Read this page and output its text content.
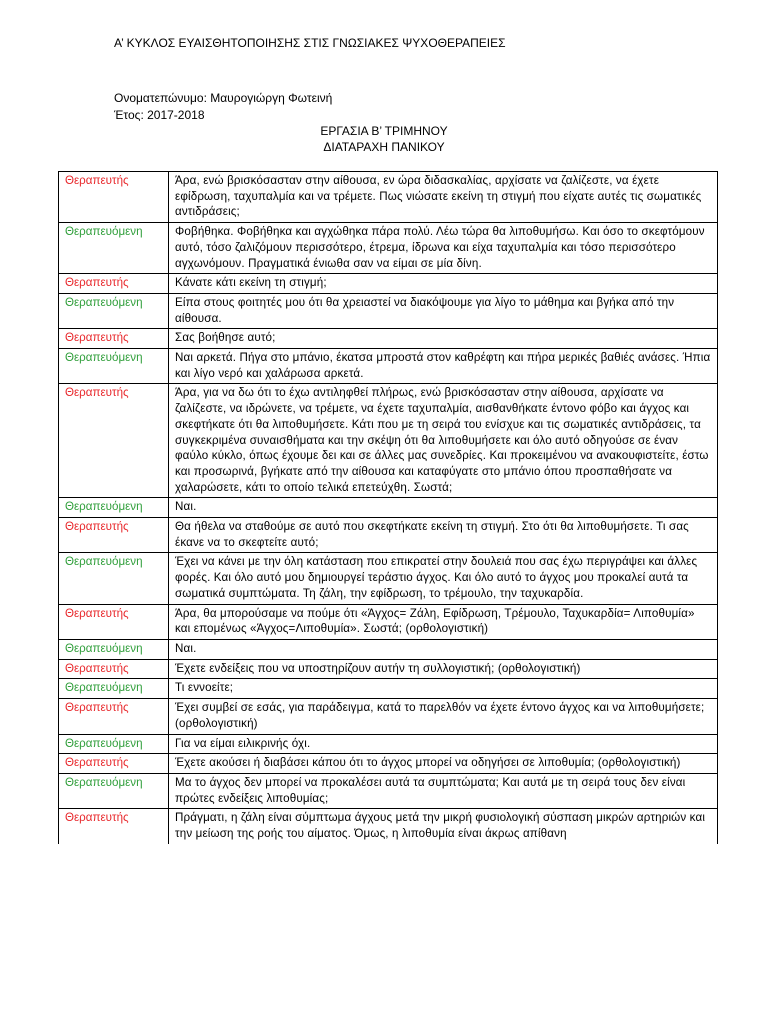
Α’ ΚΥΚΛΟΣ ΕΥΑΙΣΘΗΤΟΠΟΙΗΣΗΣ ΣΤΙΣ ΓΝΩΣΙΑΚΕΣ ΨΥΧΟΘΕΡΑΠΕΙΕΣ
Ονοματεπώνυμο: Μαυρογιώργη Φωτεινή
Έτος: 2017-2018
ΕΡΓΑΣΙΑ Β’ ΤΡΙΜΗΝΟΥ
ΔΙΑΤΑΡΑΧΗ ΠΑΝΙΚΟΥ
Θεραπευτής	Άρα, ενώ βρισκόσασταν στην αίθουσα, εν ώρα διδασκαλίας, αρχίσατε να ζαλίζεστε, να έχετε εφίδρωση, ταχυπαλμία και να τρέμετε. Πως νιώσατε εκείνη τη στιγμή που είχατε αυτές τις σωματικές αντιδράσεις;
Θεραπευόμενη	Φοβήθηκα. Φοβήθηκα και αγχώθηκα πάρα πολύ. Λέω τώρα θα λιποθυμήσω. Και όσο το σκεφτόμουν αυτό, τόσο ζαλιζόμουν περισσότερο, έτρεμα, ίδρωνα και είχα ταχυπαλμία και τόσο περισσότερο αγχωνόμουν. Πραγματικά ένιωθα σαν να είμαι σε μία δίνη.
Θεραπευτής	Κάνατε κάτι εκείνη τη στιγμή;
Θεραπευόμενη	Είπα στους φοιτητές μου ότι θα χρειαστεί να διακόψουμε για λίγο το μάθημα και βγήκα από την αίθουσα.
Θεραπευτής	Σας βοήθησε αυτό;
Θεραπευόμενη	Ναι αρκετά. Πήγα στο μπάνιο, έκατσα μπροστά στον καθρέφτη και πήρα μερικές βαθιές ανάσες. Ήπια και λίγο νερό και χαλάρωσα αρκετά.
Θεραπευτής	Άρα, για να δω ότι το έχω αντιληφθεί πλήρως, ενώ βρισκόσασταν στην αίθουσα, αρχίσατε να ζαλίζεστε, να ιδρώνετε, να τρέμετε, να έχετε ταχυπαλμία, αισθανθήκατε έντονο φόβο και άγχος και σκεφτήκατε ότι θα λιποθυμήσετε. Κάτι που με τη σειρά του ενίσχυε και τις σωματικές αντιδράσεις, τα συγκεκριμένα συναισθήματα και την σκέψη ότι θα λιποθυμήσετε και όλο αυτό οδηγούσε σε έναν φαύλο κύκλο, όπως έχουμε δει και σε άλλες μας συνεδρίες. Και προκειμένου να ανακουφιστείτε, έστω και προσωρινά, βγήκατε από την αίθουσα και καταφύγατε στο μπάνιο όπου προσπαθήσατε να χαλαρώσετε, κάτι το οποίο τελικά επετεύχθη. Σωστά;
Θεραπευόμενη	Ναι.
Θεραπευτής	Θα ήθελα να σταθούμε σε αυτό που σκεφτήκατε εκείνη τη στιγμή. Στο ότι θα λιποθυμήσετε. Τι σας έκανε να το σκεφτείτε αυτό;
Θεραπευόμενη	Έχει να κάνει με την όλη κατάσταση που επικρατεί στην δουλειά που σας έχω περιγράψει και άλλες φορές. Και όλο αυτό μου δημιουργεί τεράστιο άγχος. Και όλο αυτό το άγχος μου προκαλεί αυτά τα σωματικά συμπτώματα. Τη ζάλη, την εφίδρωση, το τρέμουλο, την ταχυκαρδία.
Θεραπευτής	Άρα, θα μπορούσαμε να πούμε ότι «Άγχος= Ζάλη, Εφίδρωση, Τρέμουλο, Ταχυκαρδία= Λιποθυμία» και επομένως «Άγχος=Λιποθυμία». Σωστά; (ορθολογιστική)
Θεραπευόμενη	Ναι.
Θεραπευτής	Έχετε ενδείξεις που να υποστηρίζουν αυτήν τη συλλογιστική; (ορθολογιστική)
Θεραπευόμενη	Τι εννοείτε;
Θεραπευτής	Έχει συμβεί σε εσάς, για παράδειγμα, κατά το παρελθόν να έχετε έντονο άγχος και να λιποθυμήσετε; (ορθολογιστική)
Θεραπευόμενη	Για να είμαι ειλικρινής όχι.
Θεραπευτής	Έχετε ακούσει ή διαβάσει κάπου ότι το άγχος μπορεί να οδηγήσει σε λιποθυμία; (ορθολογιστική)
Θεραπευόμενη	Μα το άγχος δεν μπορεί να προκαλέσει αυτά τα συμπτώματα; Και αυτά με τη σειρά τους δεν είναι πρώτες ενδείξεις λιποθυμίας;
Θεραπευτής	Πράγματι, η ζάλη είναι σύμπτωμα άγχους μετά την μικρή φυσιολογική σύσπαση μικρών αρτηριών και την μείωση της ροής του αίματος. Όμως, η λιποθυμία είναι άκρως απίθανη
